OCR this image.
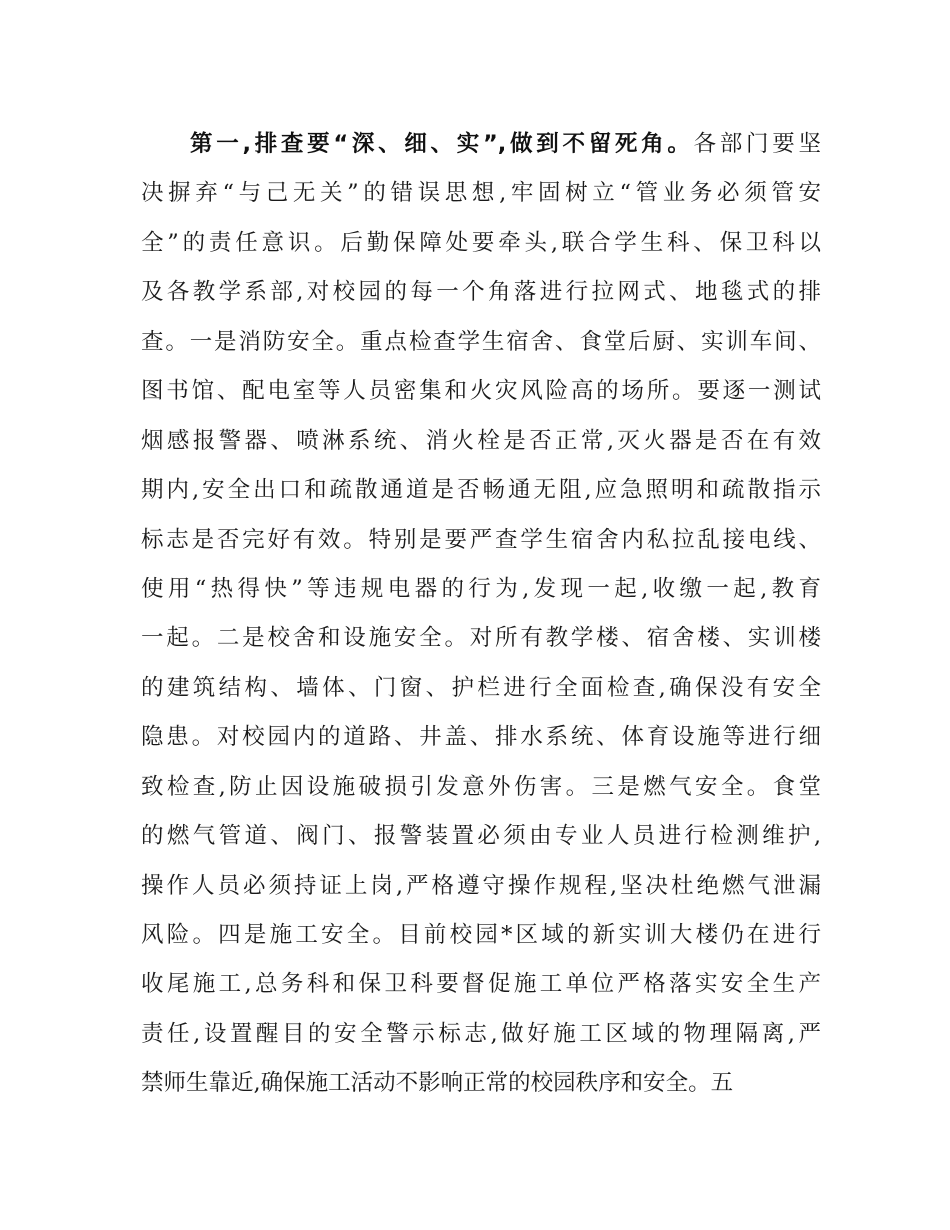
第一,排查要“深、细、实”,做到不留死角。各部门要坚
决摒弃“与己无关”的错误思想,牢固树立“管业务必须管安
全”的责任意识。后勤保障处要牵头,联合学生科、保卫科以
及各教学系部,对校园的每一个角落进行拉网式、地毯式的排
查。一是消防安全。重点检查学生宿舍、食堂后厨、实训车间、
图书馆、配电室等人员密集和火灾风险高的场所。要逐一测试
烟感报警器、喷淋系统、消火栓是否正常,灭火器是否在有效
期内,安全出口和疏散通道是否畅通无阻,应急照明和疏散指示
标志是否完好有效。特别是要严查学生宿舍内私拉乱接电线、
使用“热得快”等违规电器的行为,发现一起,收缴一起,教育
一起。二是校舍和设施安全。对所有教学楼、宿舍楼、实训楼
的建筑结构、墙体、门窗、护栏进行全面检查,确保没有安全
隐患。对校园内的道路、井盖、排水系统、体育设施等进行细
致检查,防止因设施破损引发意外伤害。三是燃气安全。食堂
的燃气管道、阀门、报警装置必须由专业人员进行检测维护,
操作人员必须持证上岗,严格遵守操作规程,坚决杜绝燃气泄漏
风险。四是施工安全。目前校园*区域的新实训大楼仍在进行
收尾施工,总务科和保卫科要督促施工单位严格落实安全生产
责任,设置醒目的安全警示标志,做好施工区域的物理隔离,严
禁师生靠近,确保施工活动不影响正常的校园秩序和安全。五
